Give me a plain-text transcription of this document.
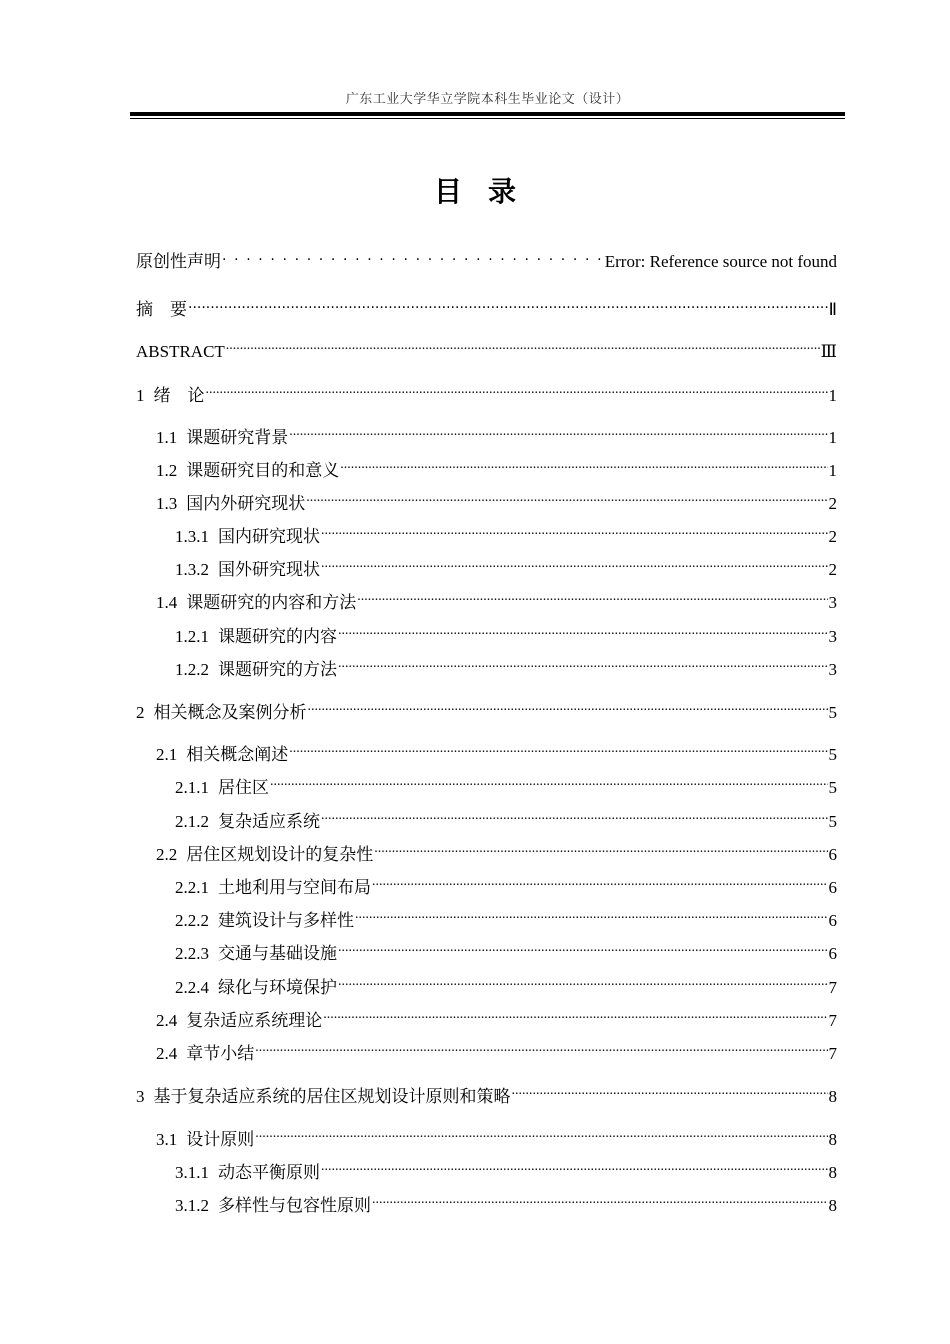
广东工业大学华立学院本科生毕业论文（设计）
目录
原创性声明 . . .	Error: Reference source not found
摘　要 .....	Ⅱ
ABSTRACT .....	Ⅲ
1 绪　论 .....	1
1.1 课题研究背景 .....	1
1.2 课题研究目的和意义 .....	1
1.3 国内外研究现状 .....	2
1.3.1 国内研究现状 .....	2
1.3.2 国外研究现状 .....	2
1.4 课题研究的内容和方法 .....	3
1.2.1 课题研究的内容 .....	3
1.2.2 课题研究的方法 .....	3
2 相关概念及案例分析 .....	5
2.1 相关概念阐述 .....	5
2.1.1 居住区 .....	5
2.1.2 复杂适应系统 .....	5
2.2 居住区规划设计的复杂性 .....	6
2.2.1 土地利用与空间布局 .....	6
2.2.2 建筑设计与多样性 .....	6
2.2.3 交通与基础设施 .....	6
2.2.4 绿化与环境保护 .....	7
2.4 复杂适应系统理论 .....	7
2.4 章节小结 .....	7
3 基于复杂适应系统的居住区规划设计原则和策略 .....	8
3.1 设计原则 .....	8
3.1.1 动态平衡原则 .....	8
3.1.2 多样性与包容性原则 .....	8
